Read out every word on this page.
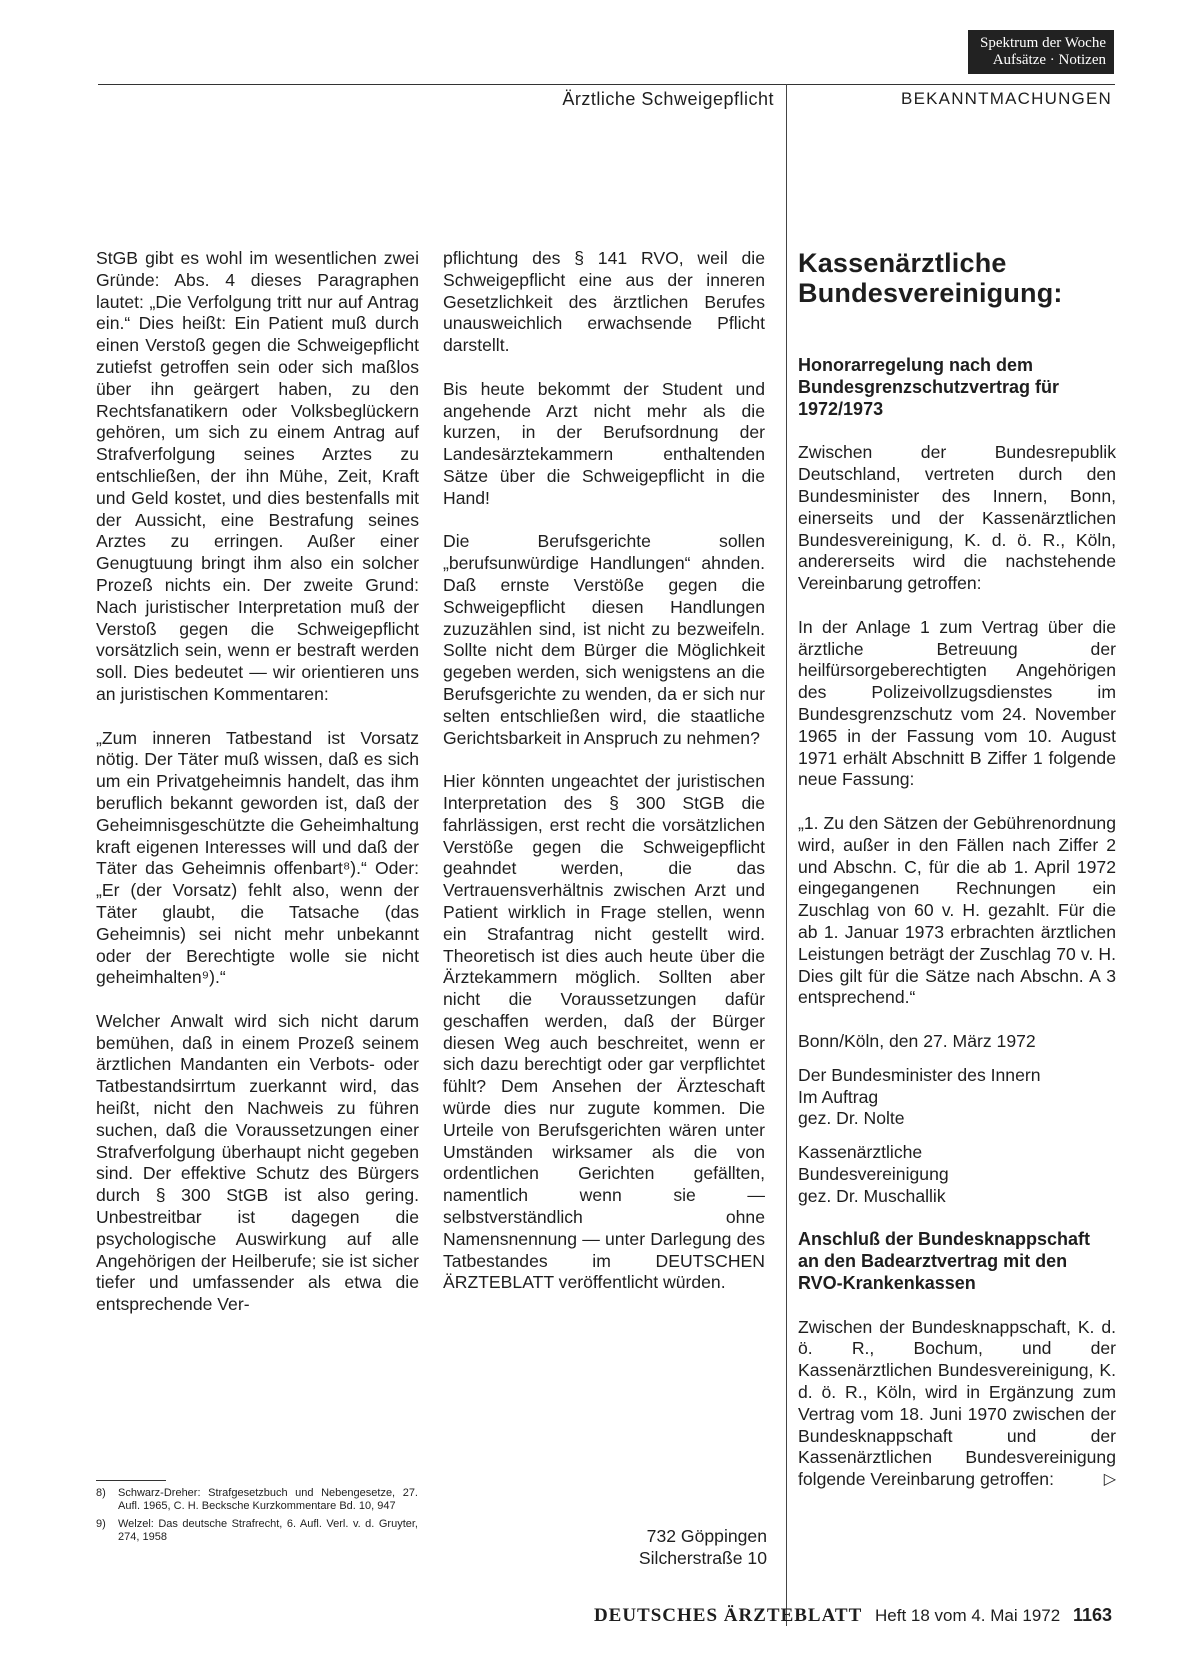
Spektrum der Woche
Aufsätze · Notizen
Ärztliche Schweigepflicht	BEKANNTMACHUNGEN

StGB gibt es wohl im wesentlichen zwei Gründe: Abs. 4 dieses Paragraphen lautet: „Die Verfolgung tritt nur auf Antrag ein.“ Dies heißt: Ein Patient muß durch einen Verstoß gegen die Schweigepflicht zutiefst getroffen sein oder sich maßlos über ihn geärgert haben, zu den Rechtsfanatikern oder Volksbeglückern gehören, um sich zu einem Antrag auf Strafverfolgung seines Arztes zu entschließen, der ihn Mühe, Zeit, Kraft und Geld kostet, und dies bestenfalls mit der Aussicht, eine Bestrafung seines Arztes zu erringen. Außer einer Genugtuung bringt ihm also ein solcher Prozeß nichts ein. Der zweite Grund: Nach juristischer Interpretation muß der Verstoß gegen die Schweigepflicht vorsätzlich sein, wenn er bestraft werden soll. Dies bedeutet — wir orientieren uns an juristischen Kommentaren:

„Zum inneren Tatbestand ist Vorsatz nötig. Der Täter muß wissen, daß es sich um ein Privatgeheimnis handelt, das ihm beruflich bekannt geworden ist, daß der Geheimnisgeschützte die Geheimhaltung kraft eigenen Interesses will und daß der Täter das Geheimnis offenbart⁸).“ Oder: „Er (der Vorsatz) fehlt also, wenn der Täter glaubt, die Tatsache (das Geheimnis) sei nicht mehr unbekannt oder der Berechtigte wolle sie nicht geheimhalten⁹).“

Welcher Anwalt wird sich nicht darum bemühen, daß in einem Prozeß seinem ärztlichen Mandanten ein Verbots- oder Tatbestandsirrtum zuerkannt wird, das heißt, nicht den Nachweis zu führen suchen, daß die Voraussetzungen einer Strafverfolgung überhaupt nicht gegeben sind. Der effektive Schutz des Bürgers durch § 300 StGB ist also gering. Unbestreitbar ist dagegen die psychologische Auswirkung auf alle Angehörigen der Heilberufe; sie ist sicher tiefer und umfassender als etwa die entsprechende Ver-

8)	Schwarz-Dreher: Strafgesetzbuch und Nebengesetze, 27. Aufl. 1965, C. H. Becksche Kurzkommentare Bd. 10, 947
9)	Welzel: Das deutsche Strafrecht, 6. Aufl. Verl. v. d. Gruyter, 274, 1958

pflichtung des § 141 RVO, weil die Schweigepflicht eine aus der inneren Gesetzlichkeit des ärztlichen Berufes unausweichlich erwachsende Pflicht darstellt.

Bis heute bekommt der Student und angehende Arzt nicht mehr als die kurzen, in der Berufsordnung der Landesärztekammern enthaltenden Sätze über die Schweigepflicht in die Hand!

Die Berufsgerichte sollen „berufsunwürdige Handlungen“ ahnden. Daß ernste Verstöße gegen die Schweigepflicht diesen Handlungen zuzuzählen sind, ist nicht zu bezweifeln. Sollte nicht dem Bürger die Möglichkeit gegeben werden, sich wenigstens an die Berufsgerichte zu wenden, da er sich nur selten entschließen wird, die staatliche Gerichtsbarkeit in Anspruch zu nehmen?

Hier könnten ungeachtet der juristischen Interpretation des § 300 StGB die fahrlässigen, erst recht die vorsätzlichen Verstöße gegen die Schweigepflicht geahndet werden, die das Vertrauensverhältnis zwischen Arzt und Patient wirklich in Frage stellen, wenn ein Strafantrag nicht gestellt wird. Theoretisch ist dies auch heute über die Ärztekammern möglich. Sollten aber nicht die Voraussetzungen dafür geschaffen werden, daß der Bürger diesen Weg auch beschreitet, wenn er sich dazu berechtigt oder gar verpflichtet fühlt? Dem Ansehen der Ärzteschaft würde dies nur zugute kommen. Die Urteile von Berufsgerichten wären unter Umständen wirksamer als die von ordentlichen Gerichten gefällten, namentlich wenn sie — selbstverständlich ohne Namensnennung — unter Darlegung des Tatbestandes im DEUTSCHEN ÄRZTEBLATT veröffentlicht würden.

732 Göppingen
Silcherstraße 10
Kassenärztliche Bundesvereinigung:
Honorarregelung nach dem Bundesgrenzschutzvertrag für 1972/1973

Zwischen der Bundesrepublik Deutschland, vertreten durch den Bundesminister des Innern, Bonn, einerseits und der Kassenärztlichen Bundesvereinigung, K. d. ö. R., Köln, andererseits wird die nachstehende Vereinbarung getroffen:

In der Anlage 1 zum Vertrag über die ärztliche Betreuung der heilfürsorgeberechtigten Angehörigen des Polizeivollzugsdienstes im Bundesgrenzschutz vom 24. November 1965 in der Fassung vom 10. August 1971 erhält Abschnitt B Ziffer 1 folgende neue Fassung:

„1. Zu den Sätzen der Gebührenordnung wird, außer in den Fällen nach Ziffer 2 und Abschn. C, für die ab 1. April 1972 eingegangenen Rechnungen ein Zuschlag von 60 v. H. gezahlt. Für die ab 1. Januar 1973 erbrachten ärztlichen Leistungen beträgt der Zuschlag 70 v. H. Dies gilt für die Sätze nach Abschn. A 3 entsprechend.“

Bonn/Köln, den 27. März 1972

Der Bundesminister des Innern
Im Auftrag
gez. Dr. Nolte

Kassenärztliche
Bundesvereinigung
gez. Dr. Muschallik

Anschluß der Bundesknappschaft an den Badearztvertrag mit den RVO-Krankenkassen

Zwischen der Bundesknappschaft, K. d. ö. R., Bochum, und der Kassenärztlichen Bundesvereinigung, K. d. ö. R., Köln, wird in Ergänzung zum Vertrag vom 18. Juni 1970 zwischen der Bundesknappschaft und der Kassenärztlichen Bundesvereinigung folgende Vereinbarung getroffen:	▷

DEUTSCHES ÄRZTEBLATT Heft 18 vom 4. Mai 1972 1163
